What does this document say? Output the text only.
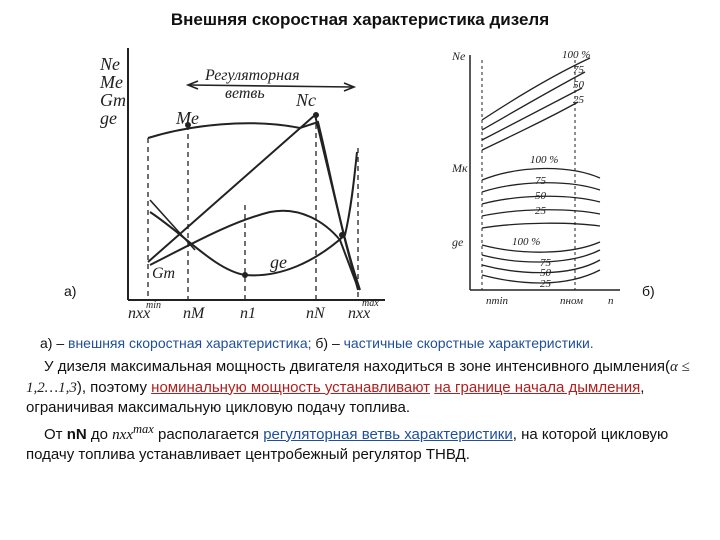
Внешняя скоростная характеристика дизеля
Ne
Me
Gт
ge
Регуляторная
ветвь
Me
Nc
Gт
ge
nхх
min nM n1	nN nхх
max
Nе
Mк
gе
100 %
75
50
25
100 %
75
50
25
100 %
75
50
25
nmin	nном n
а)	б)
а) – внешняя скоростная характеристика; б) – частичные скорстные характеристики.
У дизеля максимальная мощность двигателя находиться в зоне интенсивного дымления(α ≤ 1,2…1,3), поэтому номинальную мощность устанавливают на границе начала дымления, ограничивая максимальную цикловую подачу топлива.
От nN до nxx$^{max}$ располагается регуляторная ветвь характеристики, на которой цикловую подачу топлива устанавливает центробежный регулятор ТНВД.
